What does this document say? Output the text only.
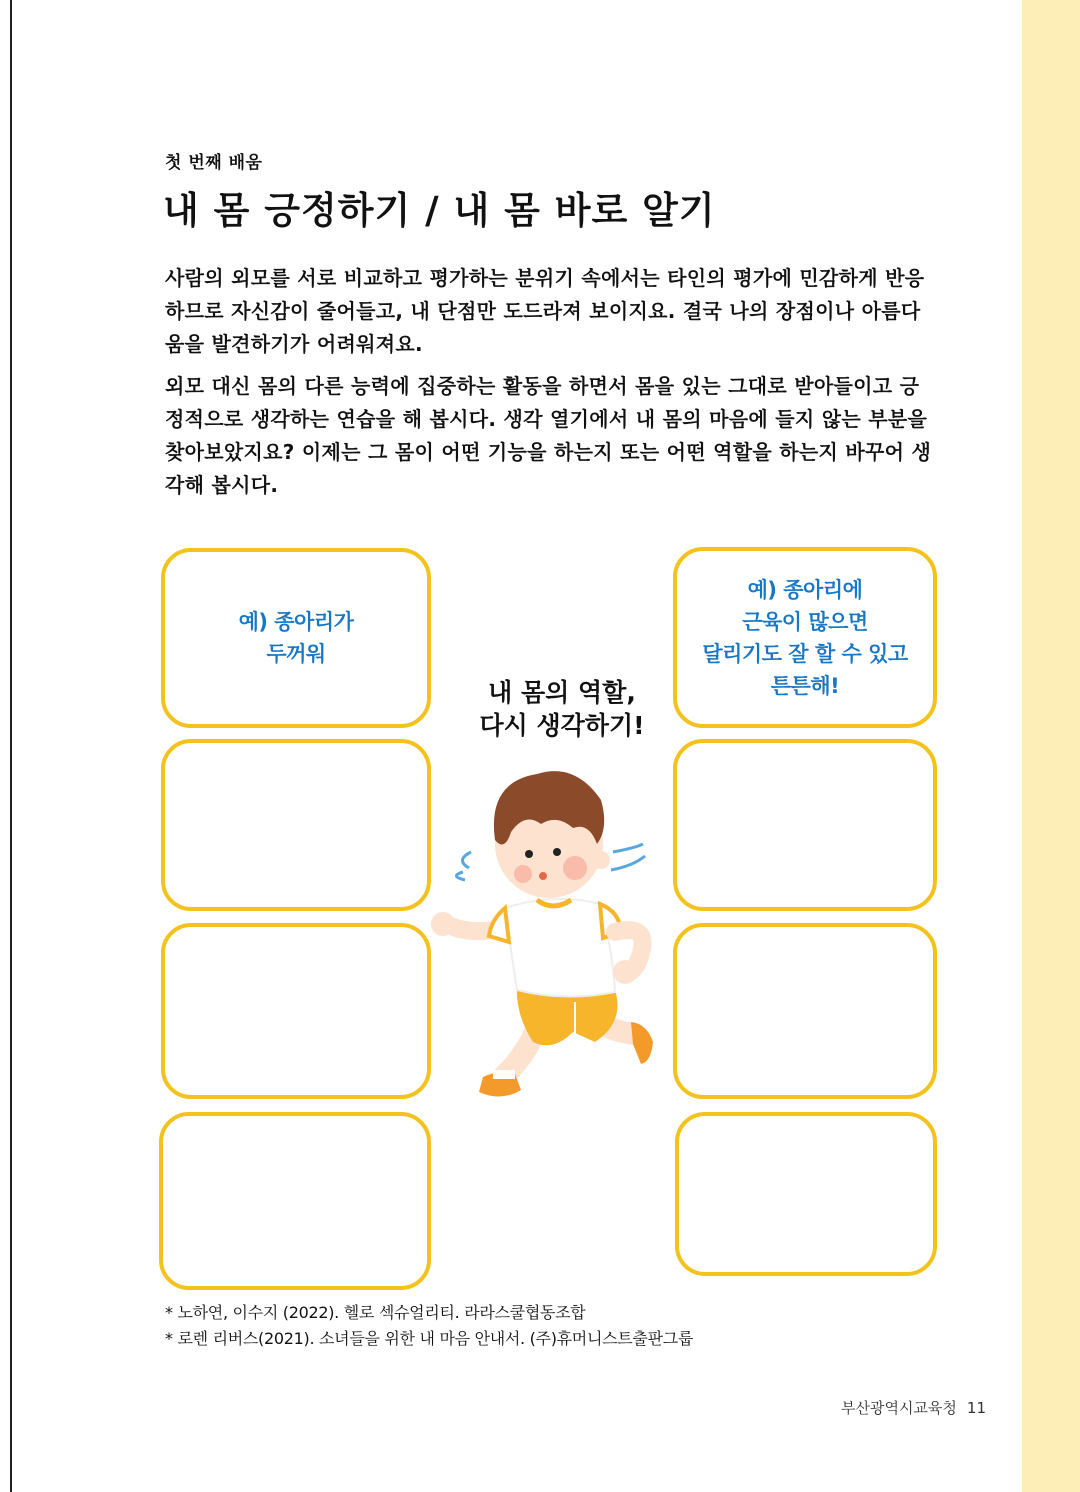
첫 번째 배움
내 몸 긍정하기 / 내 몸 바로 알기

사람의 외모를 서로 비교하고 평가하는 분위기 속에서는 타인의 평가에 민감하게 반응하므로 자신감이 줄어들고, 내 단점만 도드라져 보이지요. 결국 나의 장점이나 아름다움을 발견하기가 어려워져요.

외모 대신 몸의 다른 능력에 집중하는 활동을 하면서 몸을 있는 그대로 받아들이고 긍정적으로 생각하는 연습을 해 봅시다. 생각 열기에서 내 몸의 마음에 들지 않는 부분을 찾아보았지요? 이제는 그 몸이 어떤 기능을 하는지 또는 어떤 역할을 하는지 바꾸어 생각해 봅시다.

예) 종아리가
두꺼워
예) 종아리에
근육이 많으면
달리기도 잘 할 수 있고
튼튼해!
내 몸의 역할,
다시 생각하기!
* 노하연, 이수지 (2022). 헬로 섹슈얼리티. 라라스쿨협동조합
* 로렌 리버스(2021). 소녀들을 위한 내 마음 안내서. (주)휴머니스트출판그룹
부산광역시교육청 11
